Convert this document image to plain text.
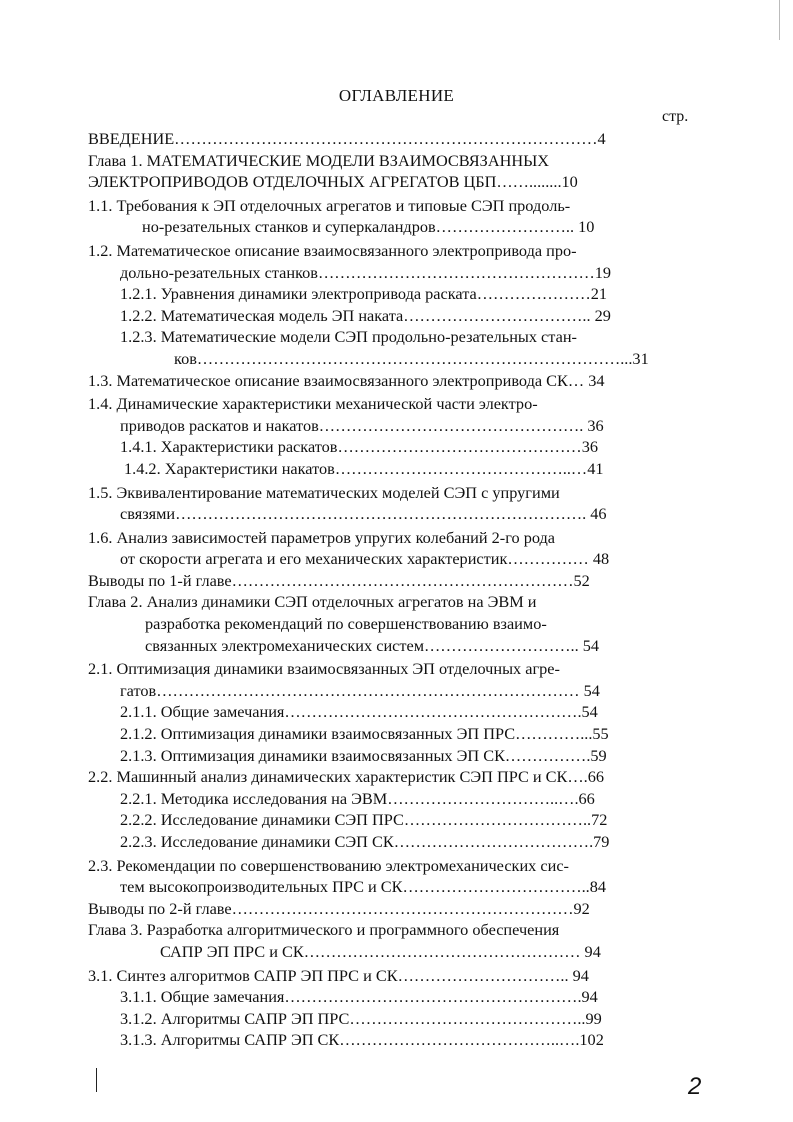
ОГЛАВЛЕНИЕ
стр.
ВВЕДЕНИЕ……………………………………………………………………4
Глава 1. МАТЕМАТИЧЕСКИЕ МОДЕЛИ ВЗАИМОСВЯЗАННЫХ
ЭЛЕКТРОПРИВОДОВ ОТДЕЛОЧНЫХ АГРЕГАТОВ ЦБП……........10
1.1. Требования к ЭП отделочных агрегатов и типовые СЭП продоль-
но-резательных станков и суперкаландров…………………….. 10
1.2. Математическое описание взаимосвязанного электропривода про-
дольно-резательных станков……………………………………………19
1.2.1. Уравнения динамики электропривода раската…………………21
1.2.2. Математическая модель ЭП наката…………………………….. 29
1.2.3. Математические модели СЭП продольно-резательных стан-
ков……………………………………………………………………...31
1.3. Математическое описание взаимосвязанного электропривода СК… 34
1.4. Динамические характеристики механической части электро-
приводов раскатов и накатов…………………………………………. 36
1.4.1. Характеристики раскатов………………………………………36
1.4.2. Характеристики накатов……………………………………..…41
1.5. Эквивалентирование математических моделей СЭП с упругими
связями…………………………………………………………………. 46
1.6. Анализ зависимостей параметров упругих колебаний 2-го рода
от скорости агрегата и его механических характеристик…………… 48
Выводы по 1-й главе………………………………………………………52
Глава 2. Анализ динамики СЭП отделочных агрегатов на ЭВМ и
разработка рекомендаций по совершенствованию взаимо-
связанных электромеханических систем……………………….. 54
2.1. Оптимизация динамики взаимосвязанных ЭП отделочных агре-
гатов…………………………………………………………………… 54
2.1.1. Общие замечания……………………………………………….54
2.1.2. Оптимизация динамики взаимосвязанных ЭП ПРС…………...55
2.1.3. Оптимизация динамики взаимосвязанных ЭП СК…………….59
2.2. Машинный анализ динамических характеристик СЭП ПРС и СК….66
2.2.1. Методика исследования на ЭВМ…………………………..….66
2.2.2. Исследование динамики СЭП ПРС……………………………..72
2.2.3. Исследование динамики СЭП СК……………………………….79
2.3. Рекомендации по совершенствованию электромеханических сис-
тем высокопроизводительных ПРС и СК……………………………..84
Выводы по 2-й главе………………………………………………………92
Глава 3. Разработка алгоритмического и программного обеспечения
САПР ЭП ПРС и СК…………………………………………… 94
3.1. Синтез алгоритмов САПР ЭП ПРС и СК………………………….. 94
3.1.1. Общие замечания……………………………………………….94
3.1.2. Алгоритмы САПР ЭП ПРС……………………………………..99
3.1.3. Алгоритмы САПР ЭП СК…………………………………..….102
2
